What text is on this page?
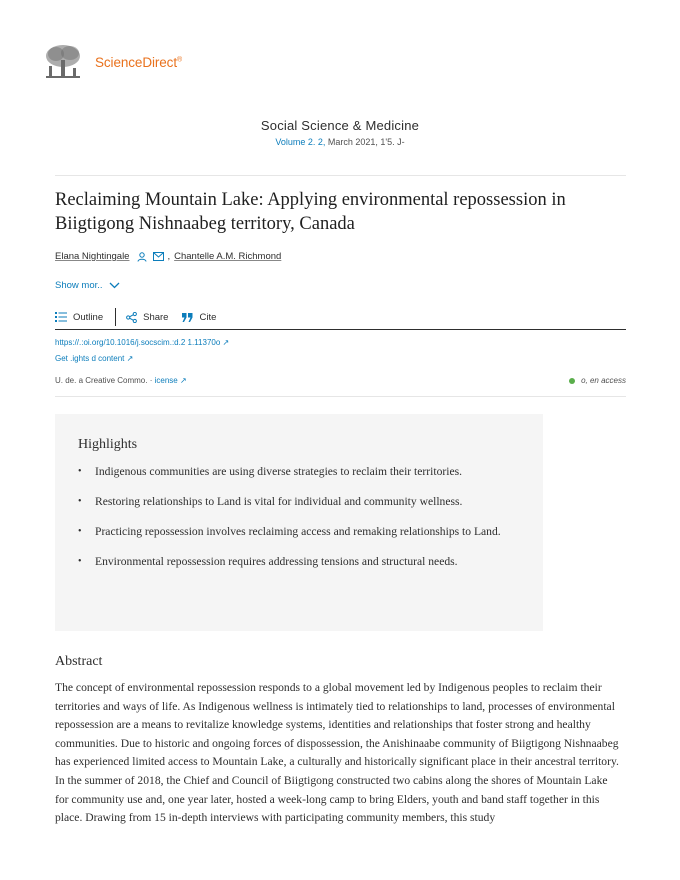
ScienceDirect®
Social Science & Medicine
Volume 2. 2, March 2021, 1'5. J-
Reclaiming Mountain Lake: Applying environmental repossession in Biigtigong Nishnaabeg territory, Canada
Elana Nightingale	, Chantelle A.M. Richmond
Show mor..
Outline	Share	Cite
https://.:oi.org/10.1016/j.socscim.:d.2 1.11370o ↗
Get .ights d content ↗
U. de. a Creative Commo. · icense ↗	o, en access
Highlights
• Indigenous communities are using diverse strategies to reclaim their territories.
• Restoring relationships to Land is vital for individual and community wellness.
• Practicing repossession involves reclaiming access and remaking relationships to Land.
• Environmental repossession requires addressing tensions and structural needs.
Abstract

The concept of environmental repossession responds to a global movement led by Indigenous peoples to reclaim their territories and ways of life. As Indigenous wellness is intimately tied to relationships to land, processes of environmental repossession are a means to revitalize knowledge systems, identities and relationships that foster strong and healthy communities. Due to historic and ongoing forces of dispossession, the Anishinaabe community of Biigtigong Nishnaabeg has experienced limited access to Mountain Lake, a culturally and historically significant place in their ancestral territory. In the summer of 2018, the Chief and Council of Biigtigong constructed two cabins along the shores of Mountain Lake for community use and, one year later, hosted a week-long camp to bring Elders, youth and band staff together in this place. Drawing from 15 in-depth interviews with participating community members, this study
